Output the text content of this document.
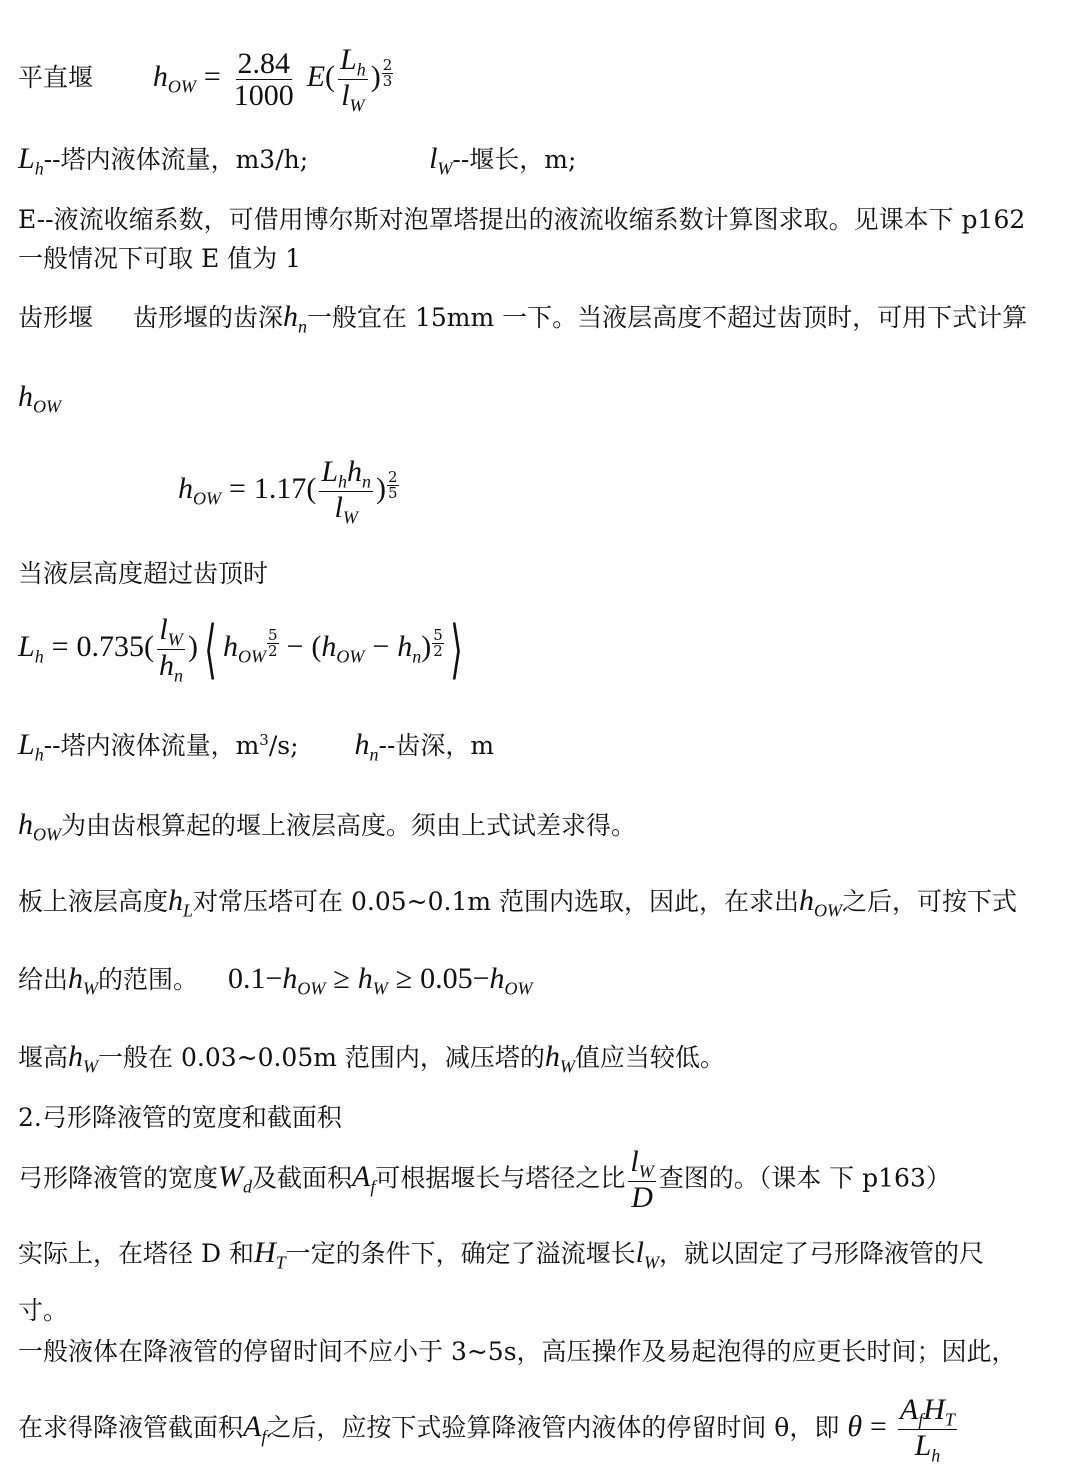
平直堰 $h_{OW} = \frac{2.84}{1000} E( \frac{L_h}{l_W}$ ) $\frac{2}{3}$
$L_h--$塔内液体流量，m3/h;	$l_W--$堰长，m;
E--液流收缩系数，可借用博尔斯对泡罩塔提出的液流收缩系数计算图求取。见课本下 p162
一般情况下可取 E 值为 1
齿形堰 齿形堰的齿深$h_n$一般宜在 15mm 一下。当液层高度不超过齿顶时，可用下式计算
$h_{OW}$
$h_{OW} = 1.17( \frac{L_hh_n}{l_W}$ ) $\frac{2}{5}$
当液层高度超过齿顶时
$L_h = 0.735( \frac{l_W}{h_n}$ )⟨ $h_{OW} \frac{5}{2} - (h_{OW} - h_n) \frac{5}{2}$ ⟩
$L_h--$塔内液体流量，$m^3/s$; $h_n--$齿深，m
$h_{OW}$为由齿根算起的堰上液层高度。须由上式试差求得。
板上液层高度$h_L$对常压塔可在 0.05~0.1m 范围内选取，因此，在求出$h_{OW}$之后，可按下式
给出$h_W$的范围。 $0.1-h_{OW} \ge h_W \ge 0.05-h_{OW}$
堰高$h_W$一般在 0.03~0.05m 范围内，减压塔的$h_W$值应当较低。
2.弓形降液管的宽度和截面积
弓形降液管的宽度$W_d$及截面积$A_f$可根据堰长与塔径之比 $\frac{l_W}{D}$ 查图的。（课本 下 p163）
实际上，在塔径 D 和$H_T$一定的条件下，确定了溢流堰长$l_W$，就以固定了弓形降液管的尺
寸。
一般液体在降液管的停留时间不应小于 3~5s，高压操作及易起泡得的应更长时间；因此，
在求得降液管截面积$A_f$之后，应按下式验算降液管内液体的停留时间 θ，即 $\theta = \frac{A_fH_T}{L_h}$
